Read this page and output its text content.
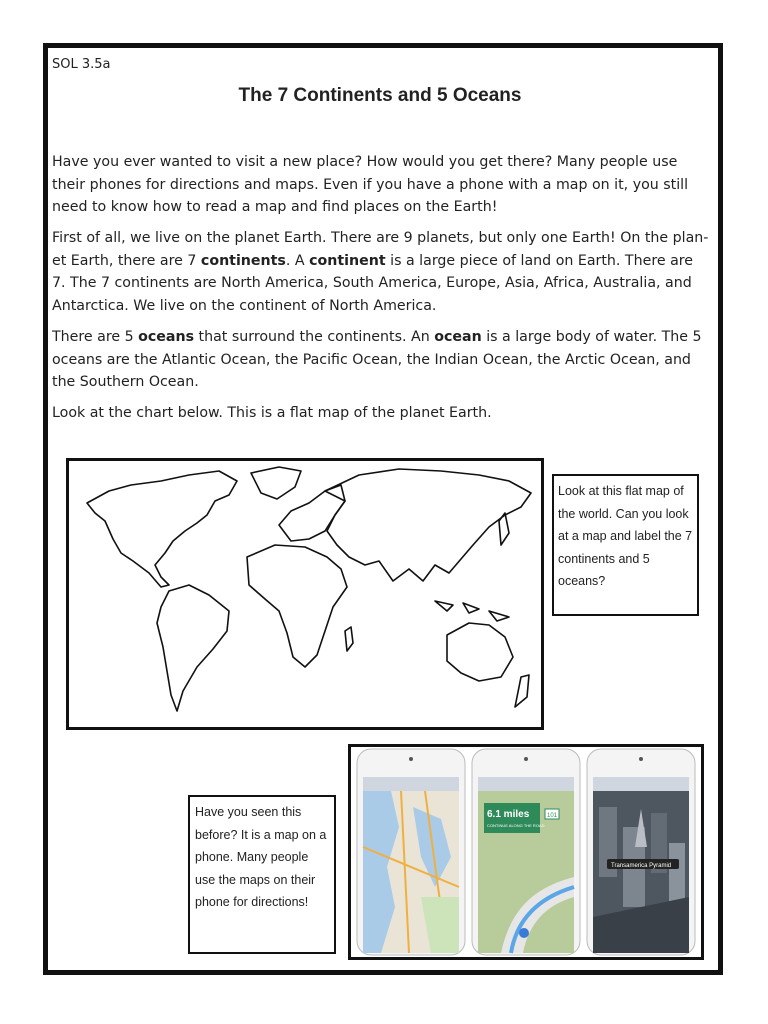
SOL 3.5a
The 7 Continents and 5 Oceans

Have you ever wanted to visit a new place? How would you get there? Many people use their phones for directions and maps. Even if you have a phone with a map on it, you still need to know how to read a map and find places on the Earth!

First of all, we live on the planet Earth. There are 9 planets, but only one Earth! On the plan-et Earth, there are 7 continents. A continent is a large piece of land on Earth. There are 7. The 7 continents are North America, South America, Europe, Asia, Africa, Australia, and Antarctica. We live on the continent of North America.

There are 5 oceans that surround the continents. An ocean is a large body of water. The 5 oceans are the Atlantic Ocean, the Pacific Ocean, the Indian Ocean, the Arctic Ocean, and the Southern Ocean.

Look at the chart below. This is a flat map of the planet Earth.

Look at this flat map of the world. Can you look at a map and label the 7 continents and 5 oceans?
Have you seen this before? It is a map on a phone. Many people use the maps on their phone for directions!
6.1 miles
CONTINUE ALONG THE ROAD
101
Transamerica Pyramid
